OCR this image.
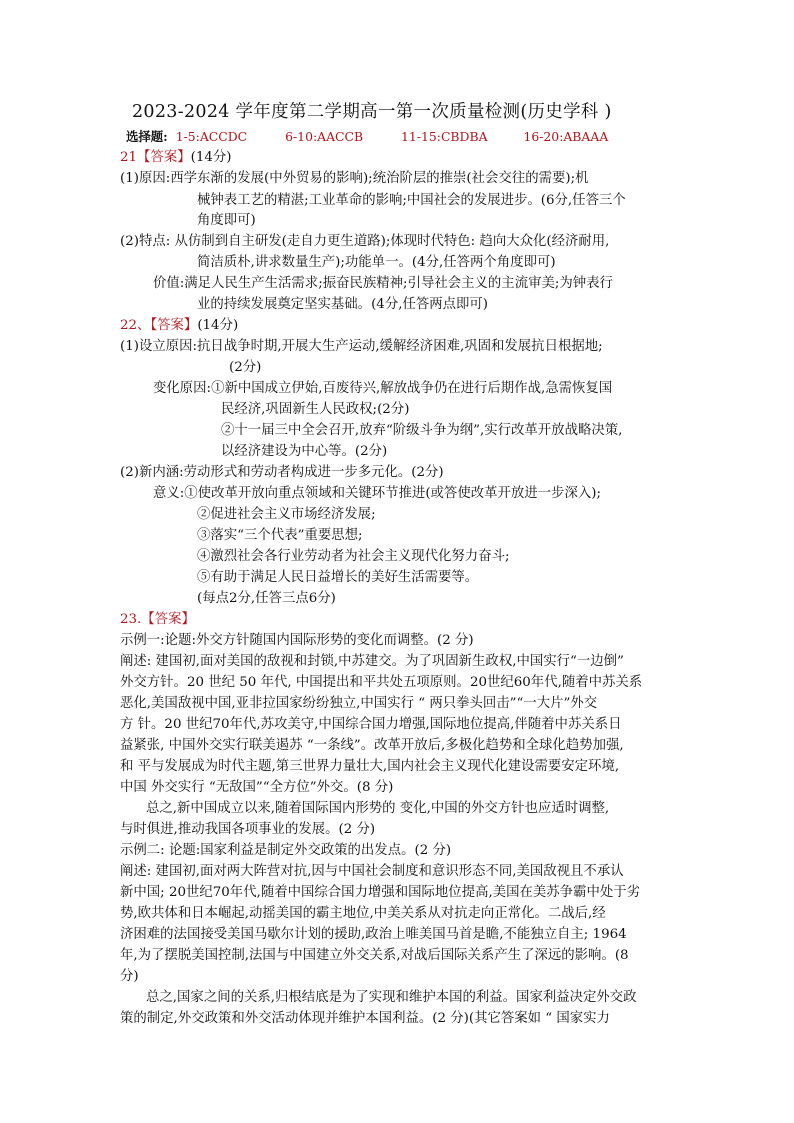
2023-2024 学年度第二学期高一第一次质量检测(历史学科 )
选择题: 1-5:ACCDC	6-10:AACCB	11-15:CBDBA	16-20:ABAAA
21【答案】(14分)
(1)原因:西学东渐的发展(中外贸易的影响);统治阶层的推崇(社会交往的需要);机
械钟表工艺的精湛;工业革命的影响;中国社会的发展进步。(6分,任答三个
角度即可)
(2)特点: 从仿制到自主研发(走自力更生道路);体现时代特色: 趋向大众化(经济耐用,
简洁质朴,讲求数量生产);功能单一。(4分,任答两个角度即可)
价值:满足人民生产生活需求;振奋民族精神;引导社会主义的主流审美;为钟表行
业的持续发展奠定坚实基础。(4分,任答两点即可)
22、【答案】(14分)
(1)设立原因:抗日战争时期,开展大生产运动,缓解经济困难,巩固和发展抗日根据地;
(2分)
变化原因:①新中国成立伊始,百废待兴,解放战争仍在进行后期作战,急需恢复国
民经济,巩固新生人民政权;(2分)
②十一届三中全会召开,放弃“阶级斗争为纲”,实行改革开放战略决策,
以经济建设为中心等。(2分)
(2)新内涵:劳动形式和劳动者构成进一步多元化。(2分)
意义:①使改革开放向重点领域和关键环节推进(或答使改革开放进一步深入);
②促进社会主义市场经济发展;
③落实“三个代表”重要思想;
④激烈社会各行业劳动者为社会主义现代化努力奋斗;
⑤有助于满足人民日益增长的美好生活需要等。
(每点2分,任答三点6分)
23.【答案】
示例一:论题:外交方针随国内国际形势的变化而调整。(2 分)
阐述: 建国初,面对美国的敌视和封锁,中苏建交。为了巩固新生政权,中国实行“一边倒”
外交方针。20 世纪 50 年代, 中国提出和平共处五项原则。20世纪60年代,随着中苏关系
恶化,美国敌视中国,亚非拉国家纷纷独立,中国实行 “ 两只拳头回击”“一大片”外交
方 针。20 世纪70年代,苏攻美守,中国综合国力增强,国际地位提高,伴随着中苏关系日
益紧张, 中国外交实行联美遏苏 “一条线”。改革开放后,多极化趋势和全球化趋势加强,
和 平与发展成为时代主题,第三世界力量壮大,国内社会主义现代化建设需要安定环境,
中国 外交实行 “无敌国”“全方位”外交。(8 分)
总之,新中国成立以来,随着国际国内形势的 变化,中国的外交方针也应适时调整,
与时俱进,推动我国各项事业的发展。(2 分)
示例二: 论题:国家利益是制定外交政策的出发点。(2 分)
阐述: 建国初,面对两大阵营对抗,因与中国社会制度和意识形态不同,美国敌视且不承认
新中国; 20世纪70年代,随着中国综合国力增强和国际地位提高,美国在美苏争霸中处于劣
势,欧共体和日本崛起,动摇美国的霸主地位,中美关系从对抗走向正常化。二战后,经
济困难的法国接受美国马歇尔计划的援助,政治上唯美国马首是瞻,不能独立自主; 1964
年,为了摆脱美国控制,法国与中国建立外交关系,对战后国际关系产生了深远的影响。(8
分)
总之,国家之间的关系,归根结底是为了实现和维护本国的利益。国家利益决定外交政
策的制定,外交政策和外交活动体现并维护本国利益。(2 分)(其它答案如 “ 国家实力
